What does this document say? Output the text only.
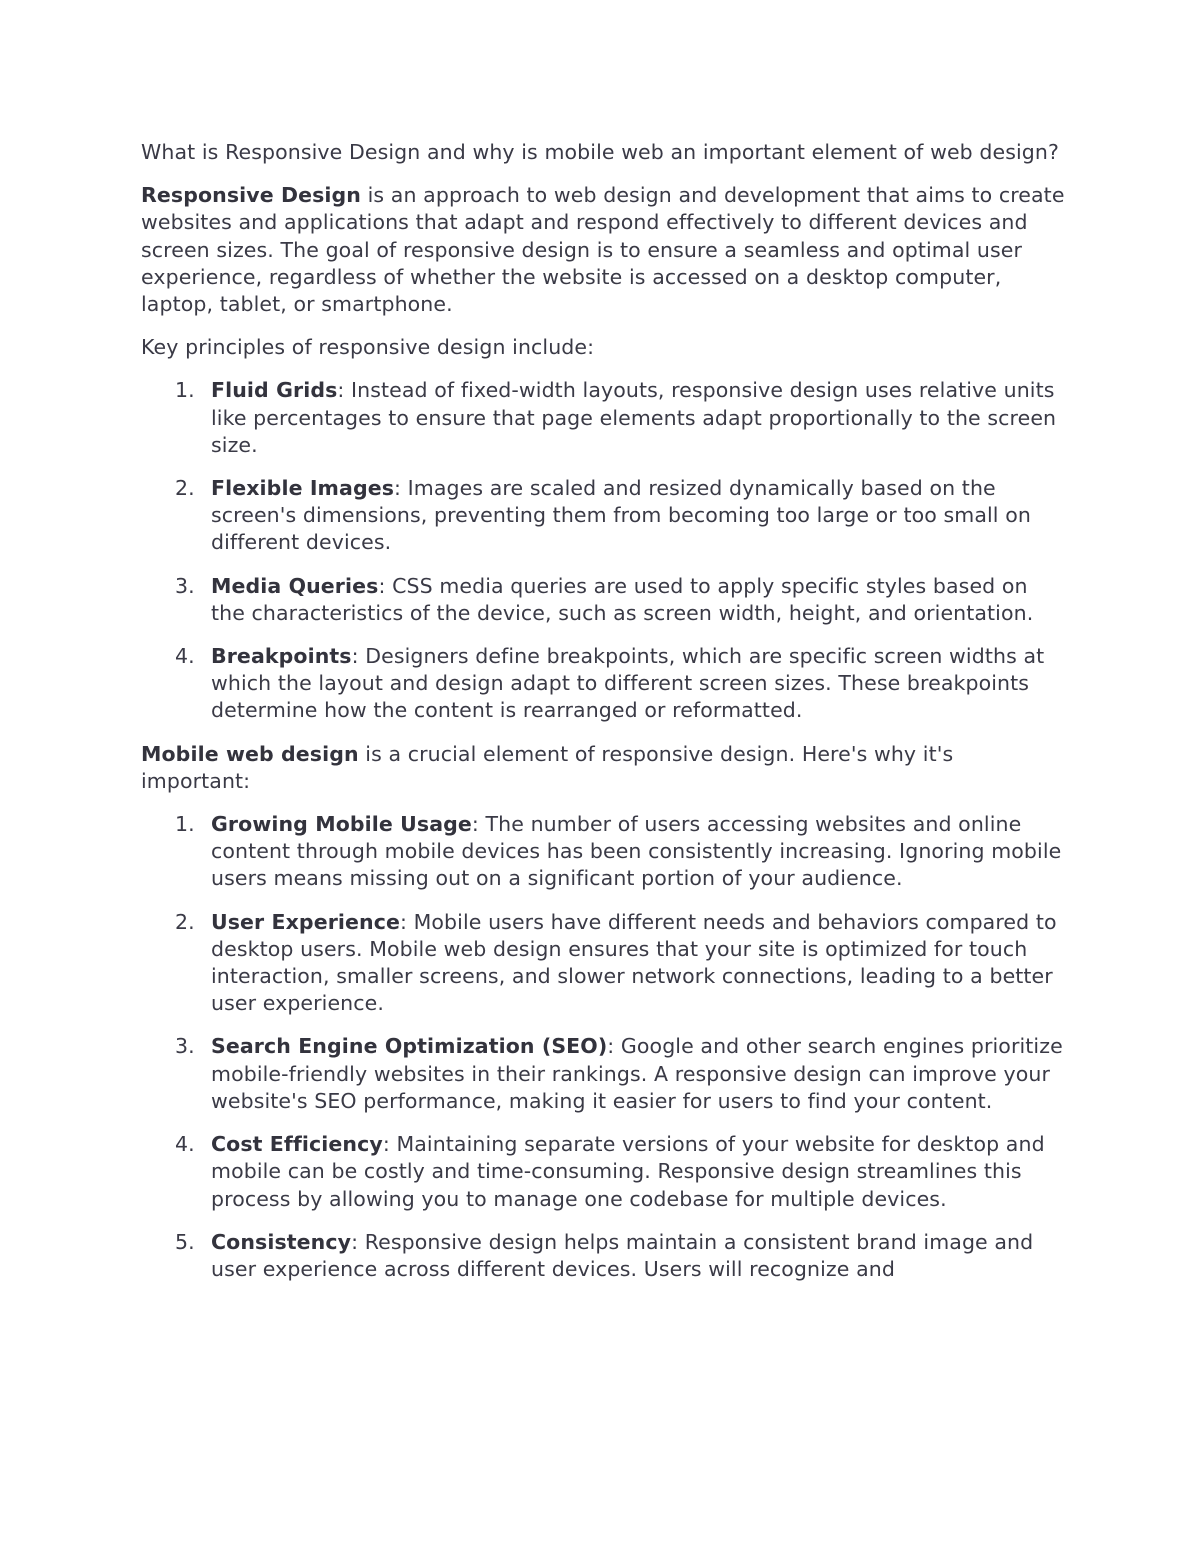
What is Responsive Design and why is mobile web an important element of web design?

Responsive Design is an approach to web design and development that aims to create websites and applications that adapt and respond effectively to different devices and screen sizes. The goal of responsive design is to ensure a seamless and optimal user experience, regardless of whether the website is accessed on a desktop computer, laptop, tablet, or smartphone.

Key principles of responsive design include:

1. Fluid Grids: Instead of fixed-width layouts, responsive design uses relative units like percentages to ensure that page elements adapt proportionally to the screen size.
2. Flexible Images: Images are scaled and resized dynamically based on the screen's dimensions, preventing them from becoming too large or too small on different devices.
3. Media Queries: CSS media queries are used to apply specific styles based on the characteristics of the device, such as screen width, height, and orientation.
4. Breakpoints: Designers define breakpoints, which are specific screen widths at which the layout and design adapt to different screen sizes. These breakpoints determine how the content is rearranged or reformatted.

Mobile web design is a crucial element of responsive design. Here's why it's important:

1. Growing Mobile Usage: The number of users accessing websites and online content through mobile devices has been consistently increasing. Ignoring mobile users means missing out on a significant portion of your audience.
2. User Experience: Mobile users have different needs and behaviors compared to desktop users. Mobile web design ensures that your site is optimized for touch interaction, smaller screens, and slower network connections, leading to a better user experience.
3. Search Engine Optimization (SEO): Google and other search engines prioritize mobile-friendly websites in their rankings. A responsive design can improve your website's SEO performance, making it easier for users to find your content.
4. Cost Efficiency: Maintaining separate versions of your website for desktop and mobile can be costly and time-consuming. Responsive design streamlines this process by allowing you to manage one codebase for multiple devices.
5. Consistency: Responsive design helps maintain a consistent brand image and user experience across different devices. Users will recognize and
